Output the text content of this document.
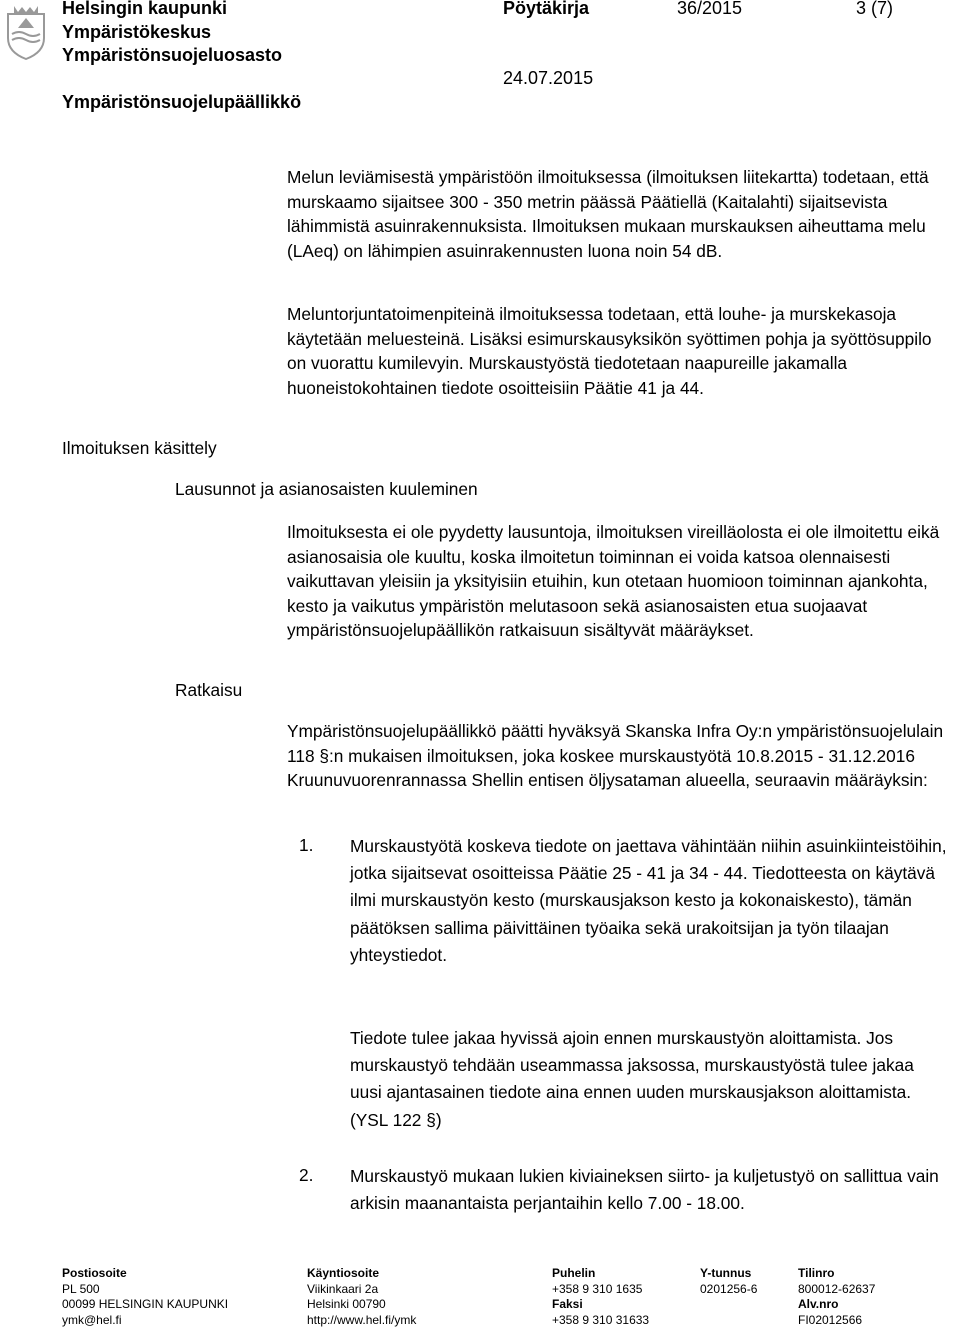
Helsingin kaupunki
Ympäristökeskus
Ympäristönsuojeluosasto
Ympäristönsuojelupäällikkö
Pöytäkirja	36/2015	3 (7)
24.07.2015
Melun leviämisestä ympäristöön ilmoituksessa (ilmoituksen liitekartta) todetaan, että murskaamo sijaitsee 300 - 350 metrin päässä Päätiellä (Kaitalahti) sijaitsevista lähimmistä asuinrakennuksista. Ilmoituksen mukaan murskauksen aiheuttama melu (LAeq) on lähimpien asuinrakennusten luona noin 54 dB.
Meluntorjuntatoimenpiteinä ilmoituksessa todetaan, että louhe- ja murskekasoja käytetään meluesteinä. Lisäksi esimurskausyksikön syöttimen pohja ja syöttösuppilo on vuorattu kumilevyin. Murskaustyöstä tiedotetaan naapureille jakamalla huoneistokohtainen tiedote osoitteisiin Päätie 41 ja 44.
Ilmoituksen käsittely
Lausunnot ja asianosaisten kuuleminen
Ilmoituksesta ei ole pyydetty lausuntoja, ilmoituksen vireilläolosta ei ole ilmoitettu eikä asianosaisia ole kuultu, koska ilmoitetun toiminnan ei voida katsoa olennaisesti vaikuttavan yleisiin ja yksityisiin etuihin, kun otetaan huomioon toiminnan ajankohta, kesto ja vaikutus ympäristön melutasoon sekä asianosaisten etua suojaavat ympäristönsuojelupäällikön ratkaisuun sisältyvät määräykset.
Ratkaisu
Ympäristönsuojelupäällikkö päätti hyväksyä Skanska Infra Oy:n ympäristönsuojelulain 118 §:n mukaisen ilmoituksen, joka koskee murskaustyötä 10.8.2015 - 31.12.2016 Kruunuvuorenrannassa Shellin entisen öljysataman alueella, seuraavin määräyksin:
1. Murskaustyötä koskeva tiedote on jaettava vähintään niihin asuinkiinteistöihin, jotka sijaitsevat osoitteissa Päätie 25 - 41 ja 34 - 44. Tiedotteesta on käytävä ilmi murskaustyön kesto (murskausjakson kesto ja kokonaiskesto), tämän päätöksen sallima päivittäinen työaika sekä urakoitsijan ja työn tilaajan yhteystiedot.
Tiedote tulee jakaa hyvissä ajoin ennen murskaustyön aloittamista. Jos murskaustyö tehdään useammassa jaksossa, murskaustyöstä tulee jakaa uusi ajantasainen tiedote aina ennen uuden murskausjakson aloittamista. (YSL 122 §)
2. Murskaustyö mukaan lukien kiviaineksen siirto- ja kuljetustyö on sallittua vain arkisin maanantaista perjantaihin kello 7.00 - 18.00.
Postiosoite
PL 500
00099 HELSINGIN KAUPUNKI
ymk@hel.fi
Käyntiosoite
Viikinkaari 2a
Helsinki 00790
http://www.hel.fi/ymk
Puhelin
+358 9 310 1635
Faksi
+358 9 310 31633
Y-tunnus
0201256-6
Tilinro
800012-62637
Alv.nro
FI02012566
